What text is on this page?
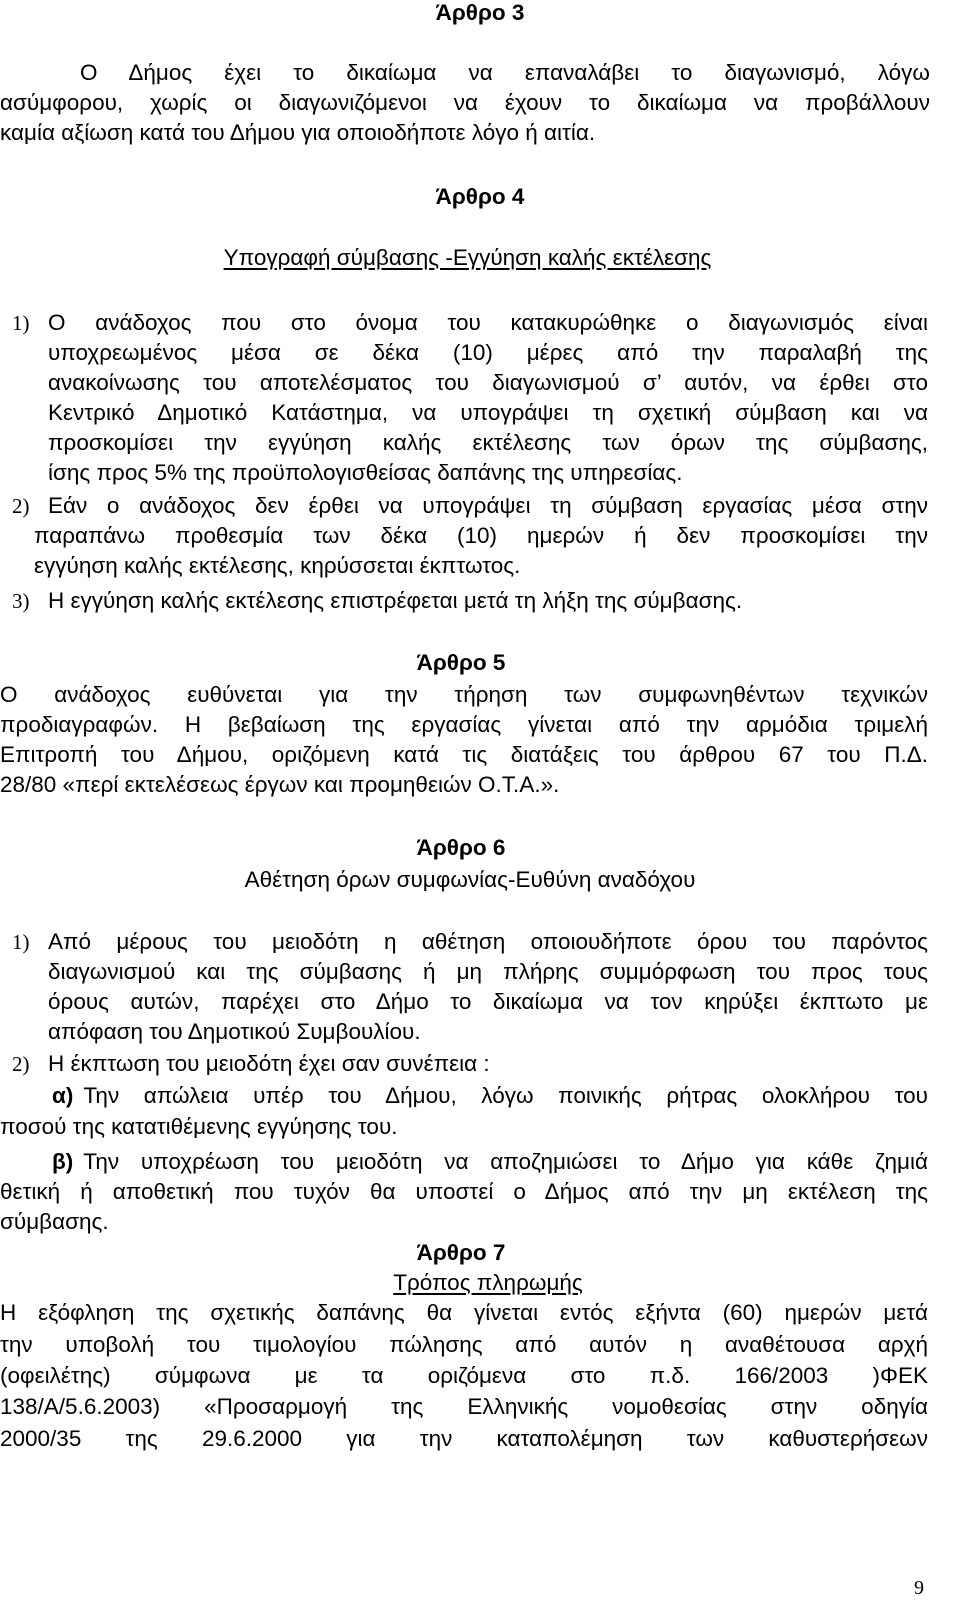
Άρθρο 3
Ο Δήμος έχει το δικαίωμα να επαναλάβει το διαγωνισμό, λόγω
ασύμφορου, χωρίς οι διαγωνιζόμενοι να έχουν το δικαίωμα να προβάλλουν
καμία αξίωση κατά του Δήμου για οποιοδήποτε λόγο ή αιτία.
Άρθρο 4
Υπογραφή σύμβασης -Εγγύηση καλής εκτέλεσης
1) Ο ανάδοχος που στο όνομα του κατακυρώθηκε ο διαγωνισμός είναι
υποχρεωμένος μέσα σε δέκα (10) μέρες από την παραλαβή της
ανακοίνωσης του αποτελέσματος του διαγωνισμού σ’ αυτόν, να έρθει στο
Κεντρικό Δημοτικό Κατάστημα, να υπογράψει τη σχετική σύμβαση και να
προσκομίσει την εγγύηση καλής εκτέλεσης των όρων της σύμβασης,
ίσης προς 5% της προϋπολογισθείσας δαπάνης της υπηρεσίας.
2) Εάν ο ανάδοχος δεν έρθει να υπογράψει τη σύμβαση εργασίας μέσα στην
παραπάνω προθεσμία των δέκα (10) ημερών ή δεν προσκομίσει την
εγγύηση καλής εκτέλεσης, κηρύσσεται έκπτωτος.
3) Η εγγύηση καλής εκτέλεσης επιστρέφεται μετά τη λήξη της σύμβασης.
Άρθρο 5
Ο ανάδοχος ευθύνεται για την τήρηση των συμφωνηθέντων τεχνικών
προδιαγραφών. Η βεβαίωση της εργασίας γίνεται από την αρμόδια τριμελή
Επιτροπή του Δήμου, οριζόμενη κατά τις διατάξεις του άρθρου 67 του Π.Δ.
28/80 «περί εκτελέσεως έργων και προμηθειών Ο.Τ.Α.».
Άρθρο 6
Αθέτηση όρων συμφωνίας-Ευθύνη αναδόχου
1) Από μέρους του μειοδότη η αθέτηση οποιουδήποτε όρου του παρόντος
διαγωνισμού και της σύμβασης ή μη πλήρης συμμόρφωση του προς τους
όρους αυτών, παρέχει στο Δήμο το δικαίωμα να τον κηρύξει έκπτωτο με
απόφαση του Δημοτικού Συμβουλίου.
2) Η έκπτωση του μειοδότη έχει σαν συνέπεια :
α) Την απώλεια υπέρ του Δήμου, λόγω ποινικής ρήτρας ολοκλήρου του
ποσού της κατατιθέμενης εγγύησης του.
β) Την υποχρέωση του μειοδότη να αποζημιώσει το Δήμο για κάθε ζημιά
θετική ή αποθετική που τυχόν θα υποστεί ο Δήμος από την μη εκτέλεση της
σύμβασης.
Άρθρο 7
Τρόπος πληρωμής
Η εξόφληση της σχετικής δαπάνης θα γίνεται εντός εξήντα (60) ημερών μετά
την υποβολή του τιμολογίου πώλησης από αυτόν η αναθέτουσα αρχή
(οφειλέτης) σύμφωνα με τα οριζόμενα στο π.δ. 166/2003 )ΦΕΚ
138/Α/5.6.2003) «Προσαρμογή της Ελληνικής νομοθεσίας στην οδηγία
2000/35 της 29.6.2000 για την καταπολέμηση των καθυστερήσεων
9
